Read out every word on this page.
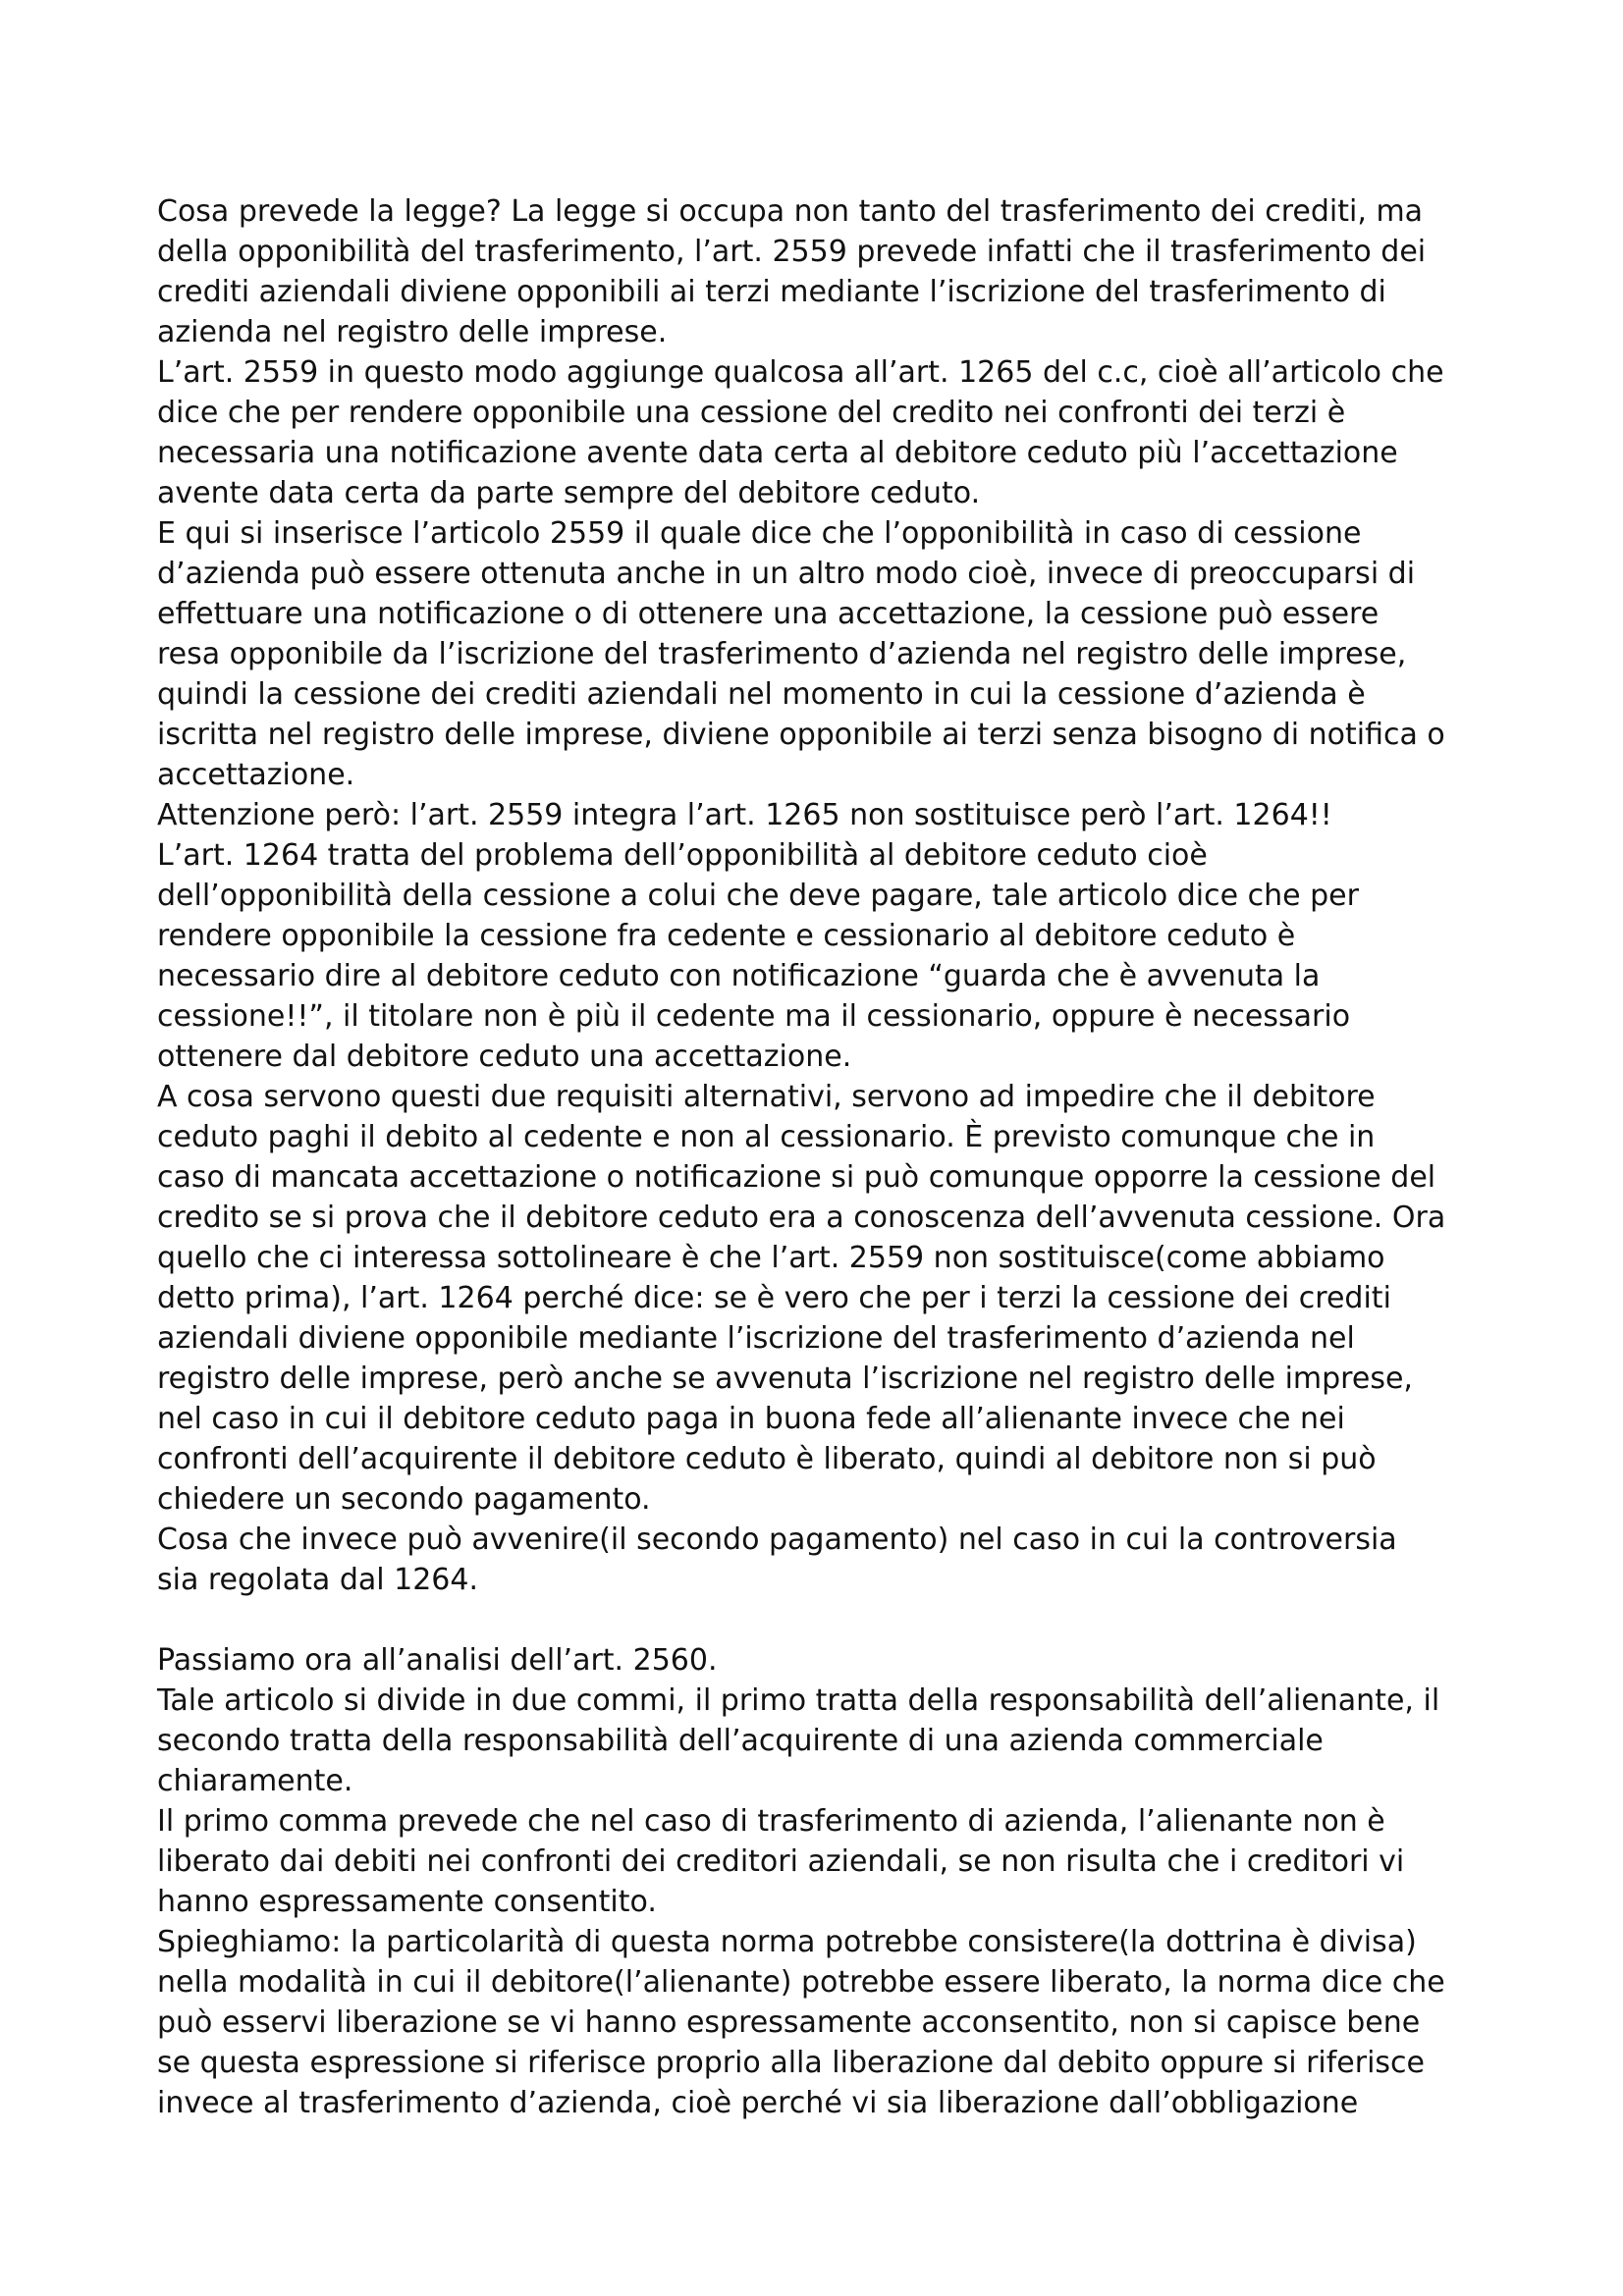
Cosa prevede la legge? La legge si occupa non tanto del trasferimento dei crediti, ma
della opponibilità del trasferimento, l’art. 2559 prevede infatti che il trasferimento dei
crediti aziendali diviene opponibili ai terzi mediante l’iscrizione del trasferimento di
azienda nel registro delle imprese.
L’art. 2559 in questo modo aggiunge qualcosa all’art. 1265 del c.c, cioè all’articolo che
dice che per rendere opponibile una cessione del credito nei confronti dei terzi è
necessaria una notificazione avente data certa al debitore ceduto più l’accettazione
avente data certa da parte sempre del debitore ceduto.
E qui si inserisce l’articolo 2559 il quale dice che l’opponibilità in caso di cessione
d’azienda può essere ottenuta anche in un altro modo cioè, invece di preoccuparsi di
effettuare una notificazione o di ottenere una accettazione, la cessione può essere
resa opponibile da l’iscrizione del trasferimento d’azienda nel registro delle imprese,
quindi la cessione dei crediti aziendali nel momento in cui la cessione d’azienda è
iscritta nel registro delle imprese, diviene opponibile ai terzi senza bisogno di notifica o
accettazione.
Attenzione però: l’art. 2559 integra l’art. 1265 non sostituisce però l’art. 1264!!
L’art. 1264 tratta del problema dell’opponibilità al debitore ceduto cioè
dell’opponibilità della cessione a colui che deve pagare, tale articolo dice che per
rendere opponibile la cessione fra cedente e cessionario al debitore ceduto è
necessario dire al debitore ceduto con notificazione “guarda che è avvenuta la
cessione!!”, il titolare non è più il cedente ma il cessionario, oppure è necessario
ottenere dal debitore ceduto una accettazione.
A cosa servono questi due requisiti alternativi, servono ad impedire che il debitore
ceduto paghi il debito al cedente e non al cessionario. È previsto comunque che in
caso di mancata accettazione o notificazione si può comunque opporre la cessione del
credito se si prova che il debitore ceduto era a conoscenza dell’avvenuta cessione. Ora
quello che ci interessa sottolineare è che l’art. 2559 non sostituisce(come abbiamo
detto prima), l’art. 1264 perché dice: se è vero che per i terzi la cessione dei crediti
aziendali diviene opponibile mediante l’iscrizione del trasferimento d’azienda nel
registro delle imprese, però anche se avvenuta l’iscrizione nel registro delle imprese,
nel caso in cui il debitore ceduto paga in buona fede all’alienante invece che nei
confronti dell’acquirente il debitore ceduto è liberato, quindi al debitore non si può
chiedere un secondo pagamento.
Cosa che invece può avvenire(il secondo pagamento) nel caso in cui la controversia
sia regolata dal 1264.
Passiamo ora all’analisi dell’art. 2560.
Tale articolo si divide in due commi, il primo tratta della responsabilità dell’alienante, il
secondo tratta della responsabilità dell’acquirente di una azienda commerciale
chiaramente.
Il primo comma prevede che nel caso di trasferimento di azienda, l’alienante non è
liberato dai debiti nei confronti dei creditori aziendali, se non risulta che i creditori vi
hanno espressamente consentito.
Spieghiamo: la particolarità di questa norma potrebbe consistere(la dottrina è divisa)
nella modalità in cui il debitore(l’alienante) potrebbe essere liberato, la norma dice che
può esservi liberazione se vi hanno espressamente acconsentito, non si capisce bene
se questa espressione si riferisce proprio alla liberazione dal debito oppure si riferisce
invece al trasferimento d’azienda, cioè perché vi sia liberazione dall’obbligazione
